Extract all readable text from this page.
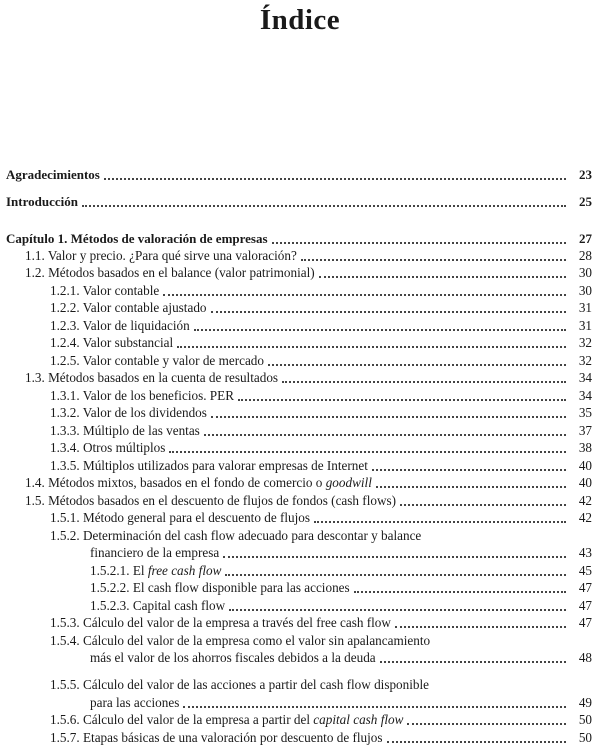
Índice
Agradecimientos	23
Introducción	25
Capítulo 1. Métodos de valoración de empresas	27
1.1. Valor y precio. ¿Para qué sirve una valoración?	28
1.2. Métodos basados en el balance (valor patrimonial)	30
1.2.1. Valor contable	30
1.2.2. Valor contable ajustado	31
1.2.3. Valor de liquidación	31
1.2.4. Valor substancial	32
1.2.5. Valor contable y valor de mercado	32
1.3. Métodos basados en la cuenta de resultados	34
1.3.1. Valor de los beneficios. PER	34
1.3.2. Valor de los dividendos	35
1.3.3. Múltiplo de las ventas	37
1.3.4. Otros múltiplos	38
1.3.5. Múltiplos utilizados para valorar empresas de Internet	40
1.4. Métodos mixtos, basados en el fondo de comercio o goodwill	40
1.5. Métodos basados en el descuento de flujos de fondos (cash flows)	42
1.5.1. Método general para el descuento de flujos	42
1.5.2. Determinación del cash flow adecuado para descontar y balance
financiero de la empresa	43
1.5.2.1. El free cash flow	45
1.5.2.2. El cash flow disponible para las acciones	47
1.5.2.3. Capital cash flow	47
1.5.3. Cálculo del valor de la empresa a través del free cash flow	47
1.5.4. Cálculo del valor de la empresa como el valor sin apalancamiento
más el valor de los ahorros fiscales debidos a la deuda	48
1.5.5. Cálculo del valor de las acciones a partir del cash flow disponible
para las acciones	49
1.5.6. Cálculo del valor de la empresa a partir del capital cash flow	50
1.5.7. Etapas básicas de una valoración por descuento de flujos	50
